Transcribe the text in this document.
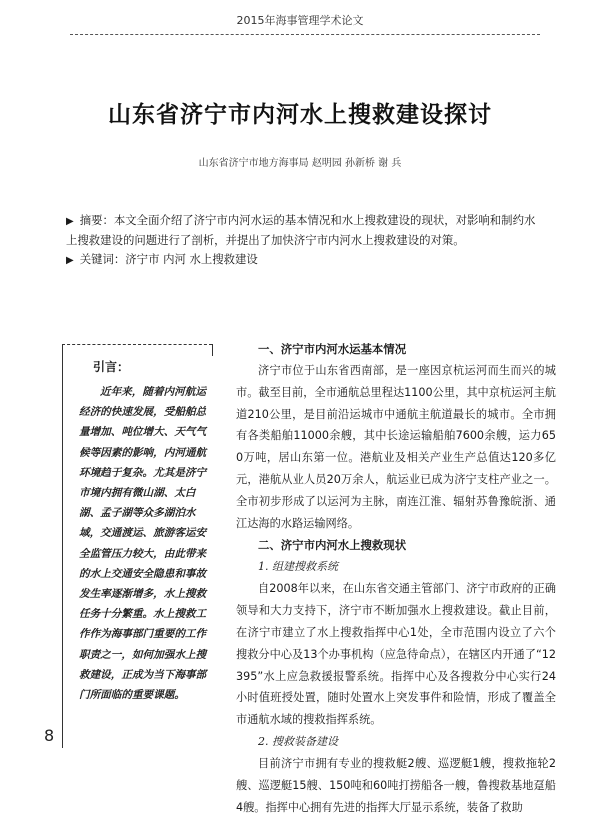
2015年海事管理学术论文
山东省济宁市内河水上搜救建设探讨
山东省济宁市地方海事局 赵明园 孙新桥 谢 兵

▶ 摘要：本文全面介绍了济宁市内河水运的基本情况和水上搜救建设的现状，对影响和制约水上搜救建设的问题进行了剖析，并提出了加快济宁市内河水上搜救建设的对策。

▶ 关键词：济宁市 内河 水上搜救建设

引言：
近年来，随着内河航运经济的快速发展，受船舶总量增加、吨位增大、天气气候等因素的影响，内河通航环境趋于复杂。尤其是济宁市境内拥有微山湖、太白湖、孟子湖等众多湖泊水域，交通渡运、旅游客运安全监管压力较大，由此带来的水上交通安全隐患和事故发生率逐渐增多，水上搜救任务十分繁重。水上搜救工作作为海事部门重要的工作职责之一，如何加强水上搜救建设，正成为当下海事部门所面临的重要课题。
一、济宁市内河水运基本情况

济宁市位于山东省西南部，是一座因京杭运河而生而兴的城市。截至目前，全市通航总里程达1100公里，其中京杭运河主航道210公里，是目前沿运城市中通航主航道最长的城市。全市拥有各类船舶11000余艘，其中长途运输船舶7600余艘，运力650万吨，居山东第一位。港航业及相关产业生产总值达120多亿元，港航从业人员20万余人，航运业已成为济宁支柱产业之一。全市初步形成了以运河为主脉，南连江淮、辐射苏鲁豫皖浙、通江达海的水路运输网络。

二、济宁市内河水上搜救现状
1. 组建搜救系统

自2008年以来，在山东省交通主管部门、济宁市政府的正确领导和大力支持下，济宁市不断加强水上搜救建设。截止目前，在济宁市建立了水上搜救指挥中心1处，全市范围内设立了六个搜救分中心及13个办事机构（应急待命点），在辖区内开通了“12395”水上应急救援报警系统。指挥中心及各搜救分中心实行24小时值班授处置，随时处置水上突发事件和险情，形成了覆盖全市通航水域的搜救指挥系统。

2. 搜救装备建设

目前济宁市拥有专业的搜救艇2艘、巡逻艇1艘，搜救拖轮2艘、巡逻艇15艘、150吨和60吨打捞船各一艘，鲁搜救基地趸船4艘。指挥中心拥有先进的指挥大厅显示系统，装备了救助

8
